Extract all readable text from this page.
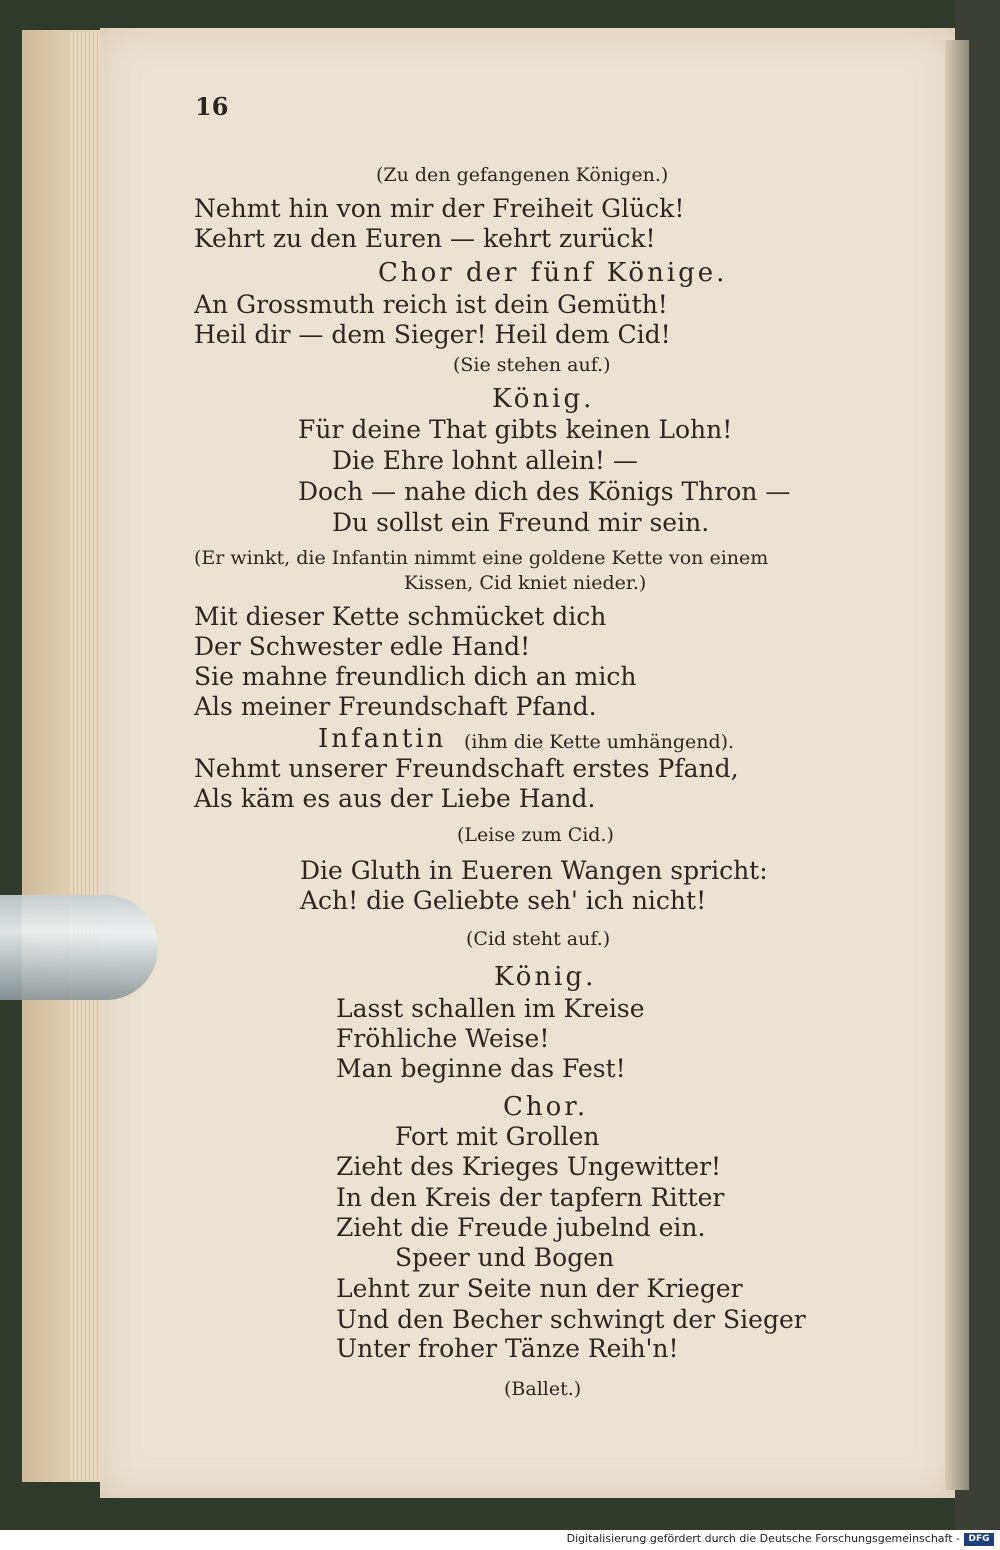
16
(Zu den gefangenen Königen.)
Nehmt hin von mir der Freiheit Glück!
Kehrt zu den Euren — kehrt zurück!
Chor der fünf Könige.
An Grossmuth reich ist dein Gemüth!
Heil dir — dem Sieger! Heil dem Cid!
(Sie stehen auf.)
König.
Für deine That gibts keinen Lohn!
Die Ehre lohnt allein! —
Doch — nahe dich des Königs Thron —
Du sollst ein Freund mir sein.
(Er winkt, die Infantin nimmt eine goldene Kette von einem
Kissen, Cid kniet nieder.)
Mit dieser Kette schmücket dich
Der Schwester edle Hand!
Sie mahne freundlich dich an mich
Als meiner Freundschaft Pfand.
Infantin (ihm die Kette umhängend).
Nehmt unserer Freundschaft erstes Pfand,
Als käm es aus der Liebe Hand.
(Leise zum Cid.)
Die Gluth in Eueren Wangen spricht:
Ach! die Geliebte seh' ich nicht!
(Cid steht auf.)
König.
Lasst schallen im Kreise
Fröhliche Weise!
Man beginne das Fest!
Chor.
Fort mit Grollen
Zieht des Krieges Ungewitter!
In den Kreis der tapfern Ritter
Zieht die Freude jubelnd ein.
Speer und Bogen
Lehnt zur Seite nun der Krieger
Und den Becher schwingt der Sieger
Unter froher Tänze Reih'n!
(Ballet.)
Digitalisierung gefördert durch die Deutsche Forschungsgemeinschaft - DFG
